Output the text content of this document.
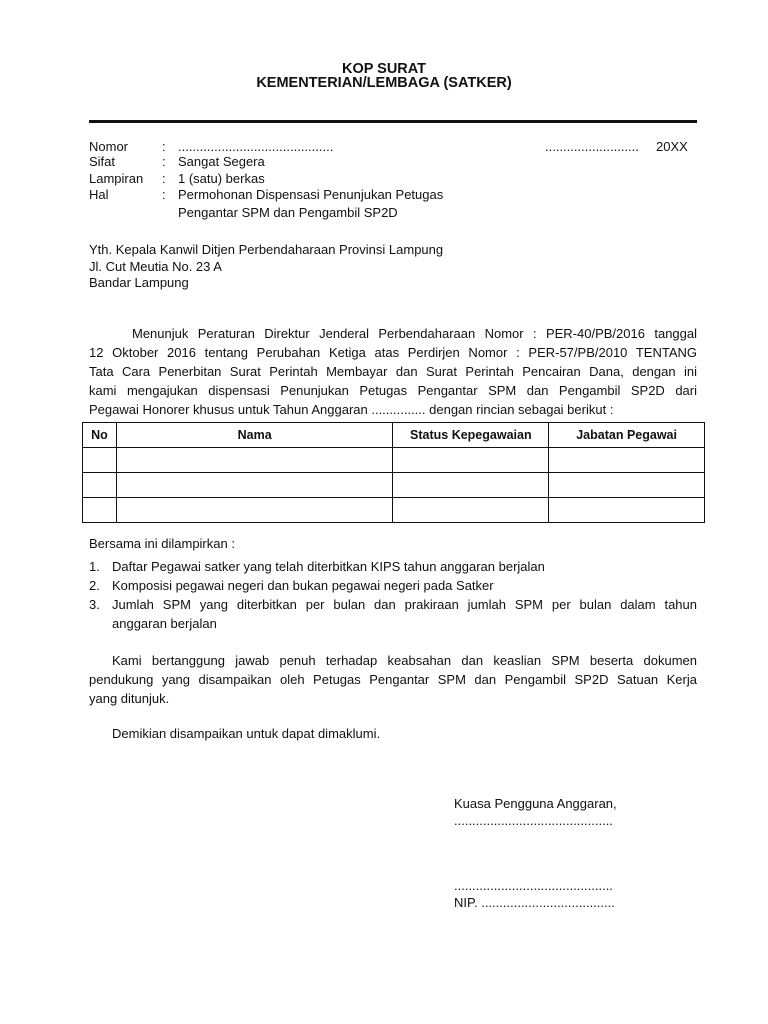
KOP SURAT
KEMENTERIAN/LEMBAGA (SATKER)
Nomor	: ...........................................	.......................... 20XX
Sifat	: Sangat Segera
Lampiran : 1 (satu) berkas
Hal	: Permohonan Dispensasi Penunjukan Petugas
Pengantar SPM dan Pengambil SP2D
Yth. Kepala Kanwil Ditjen Perbendaharaan Provinsi Lampung
Jl. Cut Meutia No. 23 A
Bandar Lampung
Menunjuk Peraturan Direktur Jenderal Perbendaharaan Nomor : PER-40/PB/2016 tanggal
12 Oktober 2016 tentang Perubahan Ketiga atas Perdirjen Nomor : PER-57/PB/2010 TENTANG
Tata Cara Penerbitan Surat Perintah Membayar dan Surat Perintah Pencairan Dana, dengan ini
kami mengajukan dispensasi Penunjukan Petugas Pengantar SPM dan Pengambil SP2D dari
Pegawai Honorer khusus untuk Tahun Anggaran ............... dengan rincian sebagai berikut :
No	Nama	Status Kepegawaian	Jabatan Pegawai

Bersama ini dilampirkan :
1. Daftar Pegawai satker yang telah diterbitkan KIPS tahun anggaran berjalan
2. Komposisi pegawai negeri dan bukan pegawai negeri pada Satker
3. Jumlah SPM yang diterbitkan per bulan dan prakiraan jumlah SPM per bulan dalam tahun
anggaran berjalan
Kami bertanggung jawab penuh terhadap keabsahan dan keaslian SPM beserta dokumen
pendukung yang disampaikan oleh Petugas Pengantar SPM dan Pengambil SP2D Satuan Kerja
yang ditunjuk.
Demikian disampaikan untuk dapat dimaklumi.
Kuasa Pengguna Anggaran,
............................................
............................................
NIP. .....................................
